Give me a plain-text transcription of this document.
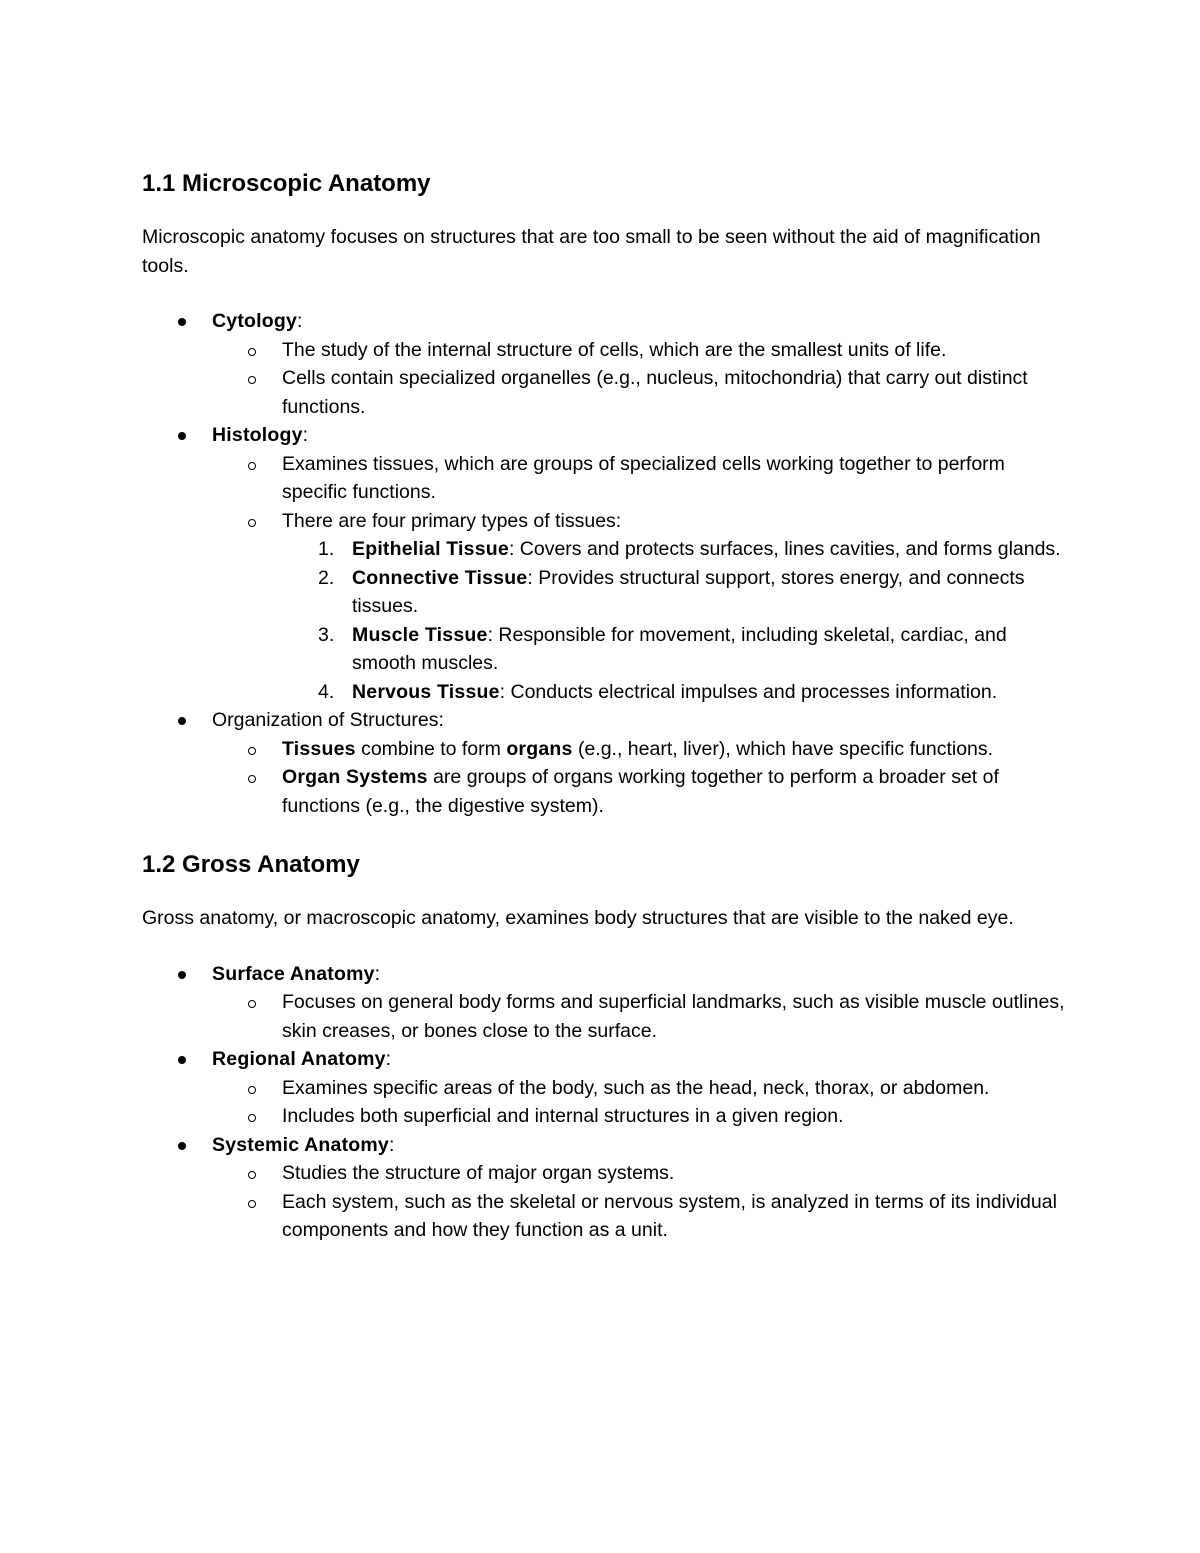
1.1 Microscopic Anatomy

Microscopic anatomy focuses on structures that are too small to be seen without the aid of magnification tools.

Cytology:
The study of the internal structure of cells, which are the smallest units of life.
Cells contain specialized organelles (e.g., nucleus, mitochondria) that carry out distinct functions.
Histology:
Examines tissues, which are groups of specialized cells working together to perform specific functions.
There are four primary types of tissues:
1. Epithelial Tissue: Covers and protects surfaces, lines cavities, and forms glands.
2. Connective Tissue: Provides structural support, stores energy, and connects tissues.
3. Muscle Tissue: Responsible for movement, including skeletal, cardiac, and smooth muscles.
4. Nervous Tissue: Conducts electrical impulses and processes information.
Organization of Structures:
Tissues combine to form organs (e.g., heart, liver), which have specific functions.
Organ Systems are groups of organs working together to perform a broader set of functions (e.g., the digestive system).
1.2 Gross Anatomy

Gross anatomy, or macroscopic anatomy, examines body structures that are visible to the naked eye.

Surface Anatomy:
Focuses on general body forms and superficial landmarks, such as visible muscle outlines, skin creases, or bones close to the surface.
Regional Anatomy:
Examines specific areas of the body, such as the head, neck, thorax, or abdomen.
Includes both superficial and internal structures in a given region.
Systemic Anatomy:
Studies the structure of major organ systems.
Each system, such as the skeletal or nervous system, is analyzed in terms of its individual components and how they function as a unit.
